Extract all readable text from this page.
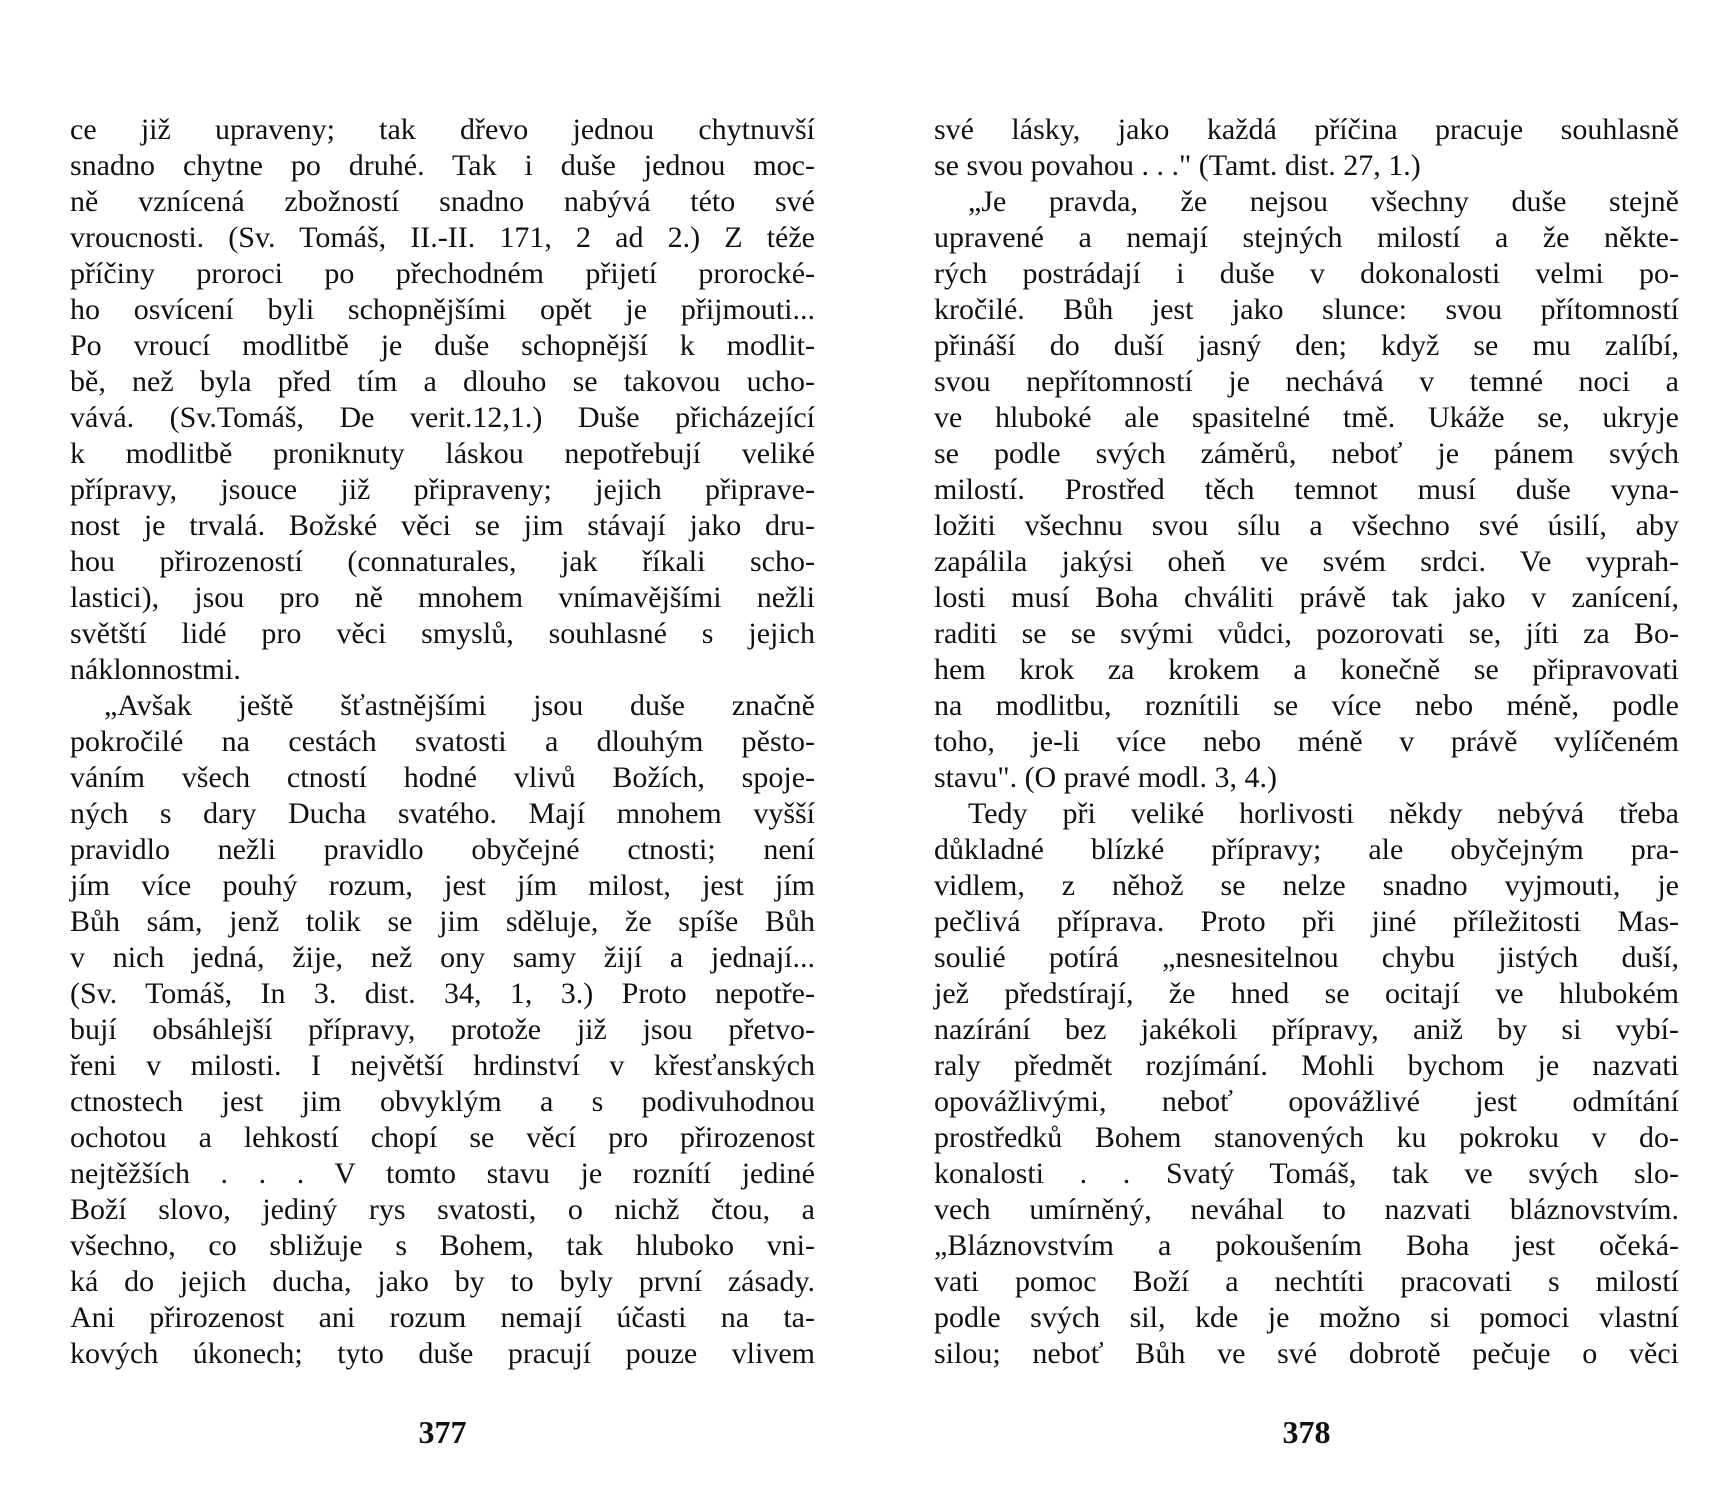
ce již upraveny; tak dřevo jednou chytnuvší
snadno chytne po druhé. Tak i duše jednou moc-
ně vznícená zbožností snadno nabývá této své
vroucnosti. (Sv. Tomáš, II.-II. 171, 2 ad 2.) Z téže
příčiny proroci po přechodném přijetí prorocké-
ho osvícení byli schopnějšími opět je přijmouti...
Po vroucí modlitbě je duše schopnější k modlit-
bě, než byla před tím a dlouho se takovou ucho-
vává. (Sv.Tomáš, De verit.12,1.) Duše přicházející
k modlitbě proniknuty láskou nepotřebují veliké
přípravy, jsouce již připraveny; jejich připrave-
nost je trvalá. Božské věci se jim stávají jako dru-
hou přirozeností (connaturales, jak říkali scho-
lastici), jsou pro ně mnohem vnímavějšími nežli
světští lidé pro věci smyslů, souhlasné s jejich
náklonnostmi.
„Avšak ještě šťastnějšími jsou duše značně
pokročilé na cestách svatosti a dlouhým pěsto-
váním všech ctností hodné vlivů Božích, spoje-
ných s dary Ducha svatého. Mají mnohem vyšší
pravidlo nežli pravidlo obyčejné ctnosti; není
jím více pouhý rozum, jest jím milost, jest jím
Bůh sám, jenž tolik se jim sděluje, že spíše Bůh
v nich jedná, žije, než ony samy žijí a jednají...
(Sv. Tomáš, In 3. dist. 34, 1, 3.) Proto nepotře-
bují obsáhlejší přípravy, protože již jsou přetvo-
řeni v milosti. I největší hrdinství v křesťanských
ctnostech jest jim obvyklým a s podivuhodnou
ochotou a lehkostí chopí se věcí pro přirozenost
nejtěžších . . . V tomto stavu je roznítí jediné
Boží slovo, jediný rys svatosti, o nichž čtou, a
všechno, co sbližuje s Bohem, tak hluboko vni-
ká do jejich ducha, jako by to byly první zásady.
Ani přirozenost ani rozum nemají účasti na ta-
kových úkonech; tyto duše pracují pouze vlivem
377
své lásky, jako každá příčina pracuje souhlasně
se svou povahou . . ." (Tamt. dist. 27, 1.)
„Je pravda, že nejsou všechny duše stejně
upravené a nemají stejných milostí a že někte-
rých postrádají i duše v dokonalosti velmi po-
kročilé. Bůh jest jako slunce: svou přítomností
přináší do duší jasný den; když se mu zalíbí,
svou nepřítomností je nechává v temné noci a
ve hluboké ale spasitelné tmě. Ukáže se, ukryje
se podle svých záměrů, neboť je pánem svých
milostí. Prostřed těch temnot musí duše vyna-
ložiti všechnu svou sílu a všechno své úsilí, aby
zapálila jakýsi oheň ve svém srdci. Ve vyprah-
losti musí Boha chváliti právě tak jako v zanícení,
raditi se se svými vůdci, pozorovati se, jíti za Bo-
hem krok za krokem a konečně se připravovati
na modlitbu, roznítili se více nebo méně, podle
toho, je-li více nebo méně v právě vylíčeném
stavu". (O pravé modl. 3, 4.)
Tedy při veliké horlivosti někdy nebývá třeba
důkladné blízké přípravy; ale obyčejným pra-
vidlem, z něhož se nelze snadno vyjmouti, je
pečlivá příprava. Proto při jiné příležitosti Mas-
soulié potírá „nesnesitelnou chybu jistých duší,
jež předstírají, že hned se ocitají ve hlubokém
nazírání bez jakékoli přípravy, aniž by si vybí-
raly předmět rozjímání. Mohli bychom je nazvati
opovážlivými, neboť opovážlivé jest odmítání
prostředků Bohem stanovených ku pokroku v do-
konalosti . . Svatý Tomáš, tak ve svých slo-
vech umírněný, neváhal to nazvati bláznovstvím.
„Bláznovstvím a pokoušením Boha jest očeká-
vati pomoc Boží a nechtíti pracovati s milostí
podle svých sil, kde je možno si pomoci vlastní
silou; neboť Bůh ve své dobrotě pečuje o věci
378
